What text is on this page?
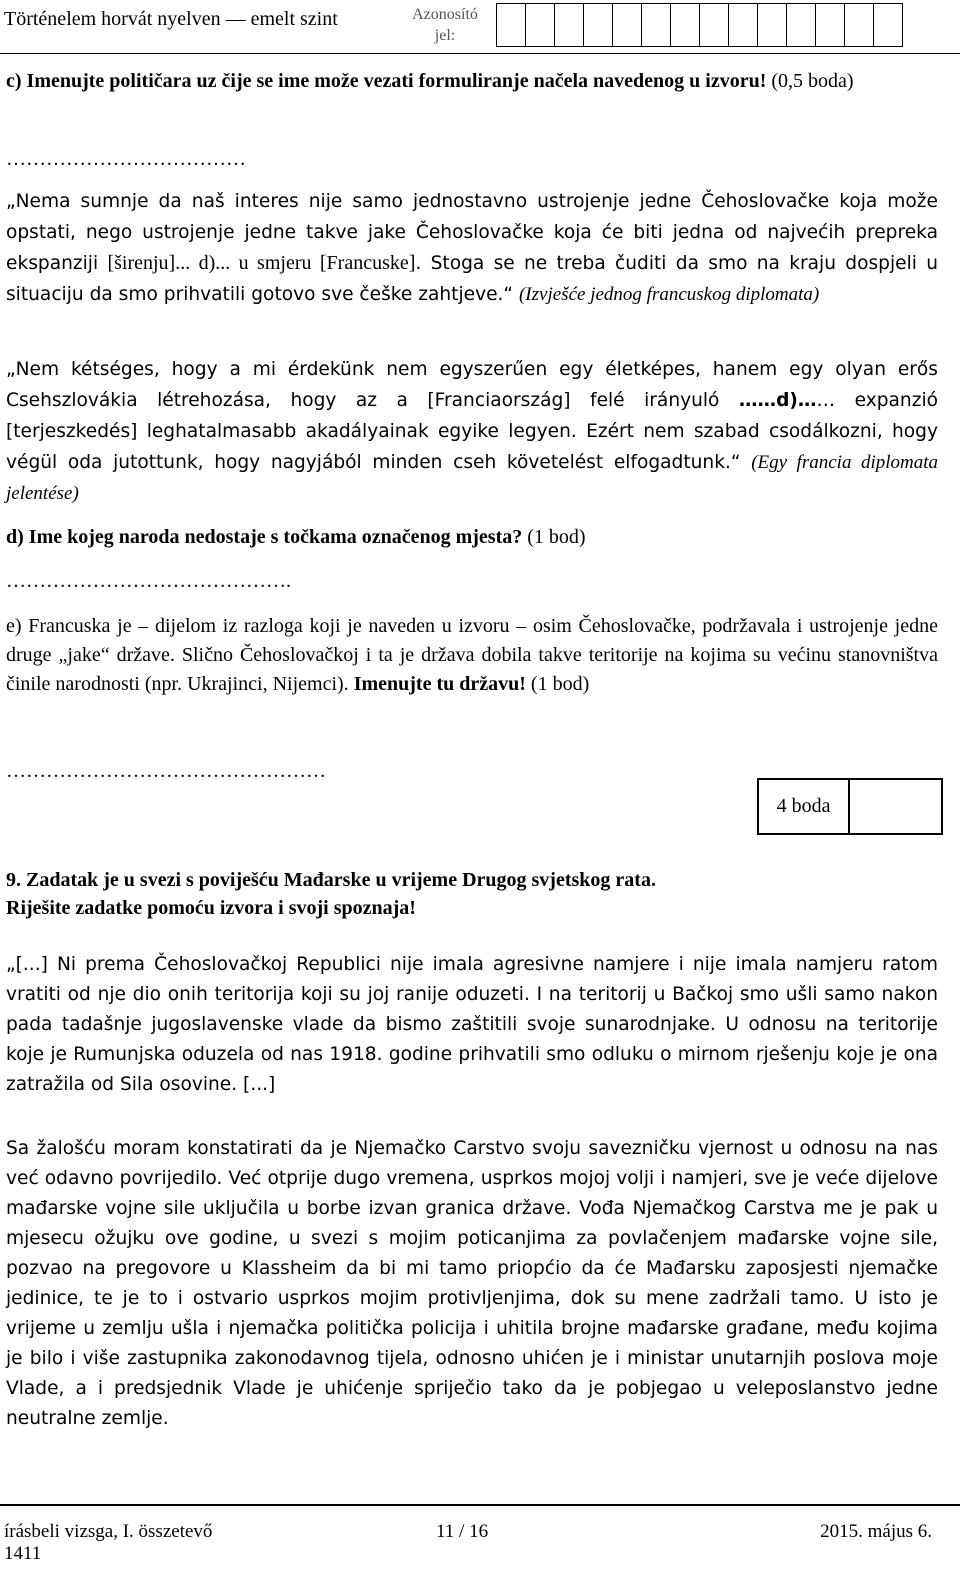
Történelem horvát nyelven — emelt szint	Azonosító
jel:

c) Imenujte političara uz čije se ime može vezati formuliranje načela navedenog u izvoru! (0,5 boda)

………………………………

„Nema sumnje da naš interes nije samo jednostavno ustrojenje jedne Čehoslovačke koja može opstati, nego ustrojenje jedne takve jake Čehoslovačke koja će biti jedna od najvećih prepreka ekspanziji [širenju]... d)... u smjeru [Francuske]. Stoga se ne treba čuditi da smo na kraju dospjeli u situaciju da smo prihvatili gotovo sve češke zahtjeve.“ (Izvješće jednog francuskog diplomata)

„Nem kétséges, hogy a mi érdekünk nem egyszerűen egy életképes, hanem egy olyan erős Csehszlovákia létrehozása, hogy az a [Franciaország] felé irányuló ……d)…… expanzió [terjeszkedés] leghatalmasabb akadályainak egyike legyen. Ezért nem szabad csodálkozni, hogy végül oda jutottunk, hogy nagyjából minden cseh követelést elfogadtunk.“ (Egy francia diplomata jelentése)

d) Ime kojeg naroda nedostaje s točkama označenog mjesta? (1 bod)

…………………………………….

e) Francuska je – dijelom iz razloga koji je naveden u izvoru – osim Čehoslovačke, podržavala i ustrojenje jedne druge „jake“ države. Slično Čehoslovačkoj i ta je država dobila takve teritorije na kojima su većinu stanovništva činile narodnosti (npr. Ukrajinci, Nijemci). Imenujte tu državu! (1 bod)

…………………………………………

4 boda

9. Zadatak je u svezi s poviješću Mađarske u vrijeme Drugog svjetskog rata.
Riješite zadatke pomoću izvora i svoji spoznaja!

„[...] Ni prema Čehoslovačkoj Republici nije imala agresivne namjere i nije imala namjeru ratom vratiti od nje dio onih teritorija koji su joj ranije oduzeti. I na teritorij u Bačkoj smo ušli samo nakon pada tadašnje jugoslavenske vlade da bismo zaštitili svoje sunarodnjake. U odnosu na teritorije koje je Rumunjska oduzela od nas 1918. godine prihvatili smo odluku o mirnom rješenju koje je ona zatražila od Sila osovine. [...]

Sa žalošću moram konstatirati da je Njemačko Carstvo svoju savezničku vjernost u odnosu na nas već odavno povrijedilo. Već otprije dugo vremena, usprkos mojoj volji i namjeri, sve je veće dijelove mađarske vojne sile uključila u borbe izvan granica države. Vođa Njemačkog Carstva me je pak u mjesecu ožujku ove godine, u svezi s mojim poticanjima za povlačenjem mađarske vojne sile, pozvao na pregovore u Klassheim da bi mi tamo priopćio da će Mađarsku zaposjesti njemačke jedinice, te je to i ostvario usprkos mojim protivljenjima, dok su mene zadržali tamo. U isto je vrijeme u zemlju ušla i njemačka politička policija i uhitila brojne mađarske građane, među kojima je bilo i više zastupnika zakonodavnog tijela, odnosno uhićen je i ministar unutarnjih poslova moje Vlade, a i predsjednik Vlade je uhićenje spriječio tako da je pobjegao u veleposlanstvo jedne neutralne zemlje.

írásbeli vizsga, I. összetevő
1411
11 / 16	2015. május 6.
